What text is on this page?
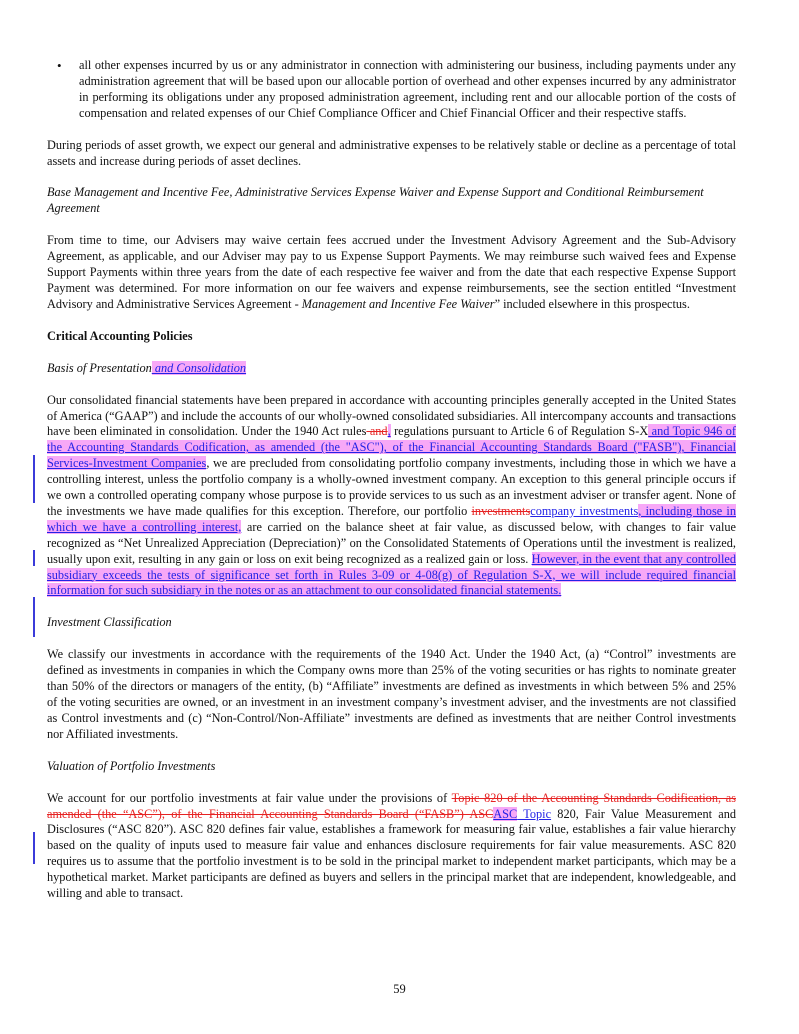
•	all other expenses incurred by us or any administrator in connection with administering our business, including payments under any administration agreement that will be based upon our allocable portion of overhead and other expenses incurred by any administrator in performing its obligations under any proposed administration agreement, including rent and our allocable portion of the costs of compensation and related expenses of our Chief Compliance Officer and Chief Financial Officer and their respective staffs.

During periods of asset growth, we expect our general and administrative expenses to be relatively stable or decline as a percentage of total assets and increase during periods of asset declines.

Base Management and Incentive Fee, Administrative Services Expense Waiver and Expense Support and Conditional Reimbursement Agreement

From time to time, our Advisers may waive certain fees accrued under the Investment Advisory Agreement and the Sub-Advisory Agreement, as applicable, and our Adviser may pay to us Expense Support Payments. We may reimburse such waived fees and Expense Support Payments within three years from the date of each respective fee waiver and from the date that each respective Expense Support Payment was determined. For more information on our fee waivers and expense reimbursements, see the section entitled “Investment Advisory and Administrative Services Agreement - Management and Incentive Fee Waiver” included elsewhere in this prospectus.

Critical Accounting Policies

Basis of Presentation and Consolidation

Our consolidated financial statements have been prepared in accordance with accounting principles generally accepted in the United States of America (“GAAP”) and include the accounts of our wholly-owned consolidated subsidiaries. All intercompany accounts and transactions have been eliminated in consolidation. Under the 1940 Act rules and, regulations pursuant to Article 6 of Regulation S-X and Topic 946 of the Accounting Standards Codification, as amended (the "ASC"), of the Financial Accounting Standards Board ("FASB"), Financial Services-Investment Companies, we are precluded from consolidating portfolio company investments, including those in which we have a controlling interest, unless the portfolio company is a wholly-owned investment company. An exception to this general principle occurs if we own a controlled operating company whose purpose is to provide services to us such as an investment adviser or transfer agent. None of the investments we have made qualifies for this exception. Therefore, our portfolio investmentscompany investments, including those in which we have a controlling interest, are carried on the balance sheet at fair value, as discussed below, with changes to fair value recognized as “Net Unrealized Appreciation (Depreciation)” on the Consolidated Statements of Operations until the investment is realized, usually upon exit, resulting in any gain or loss on exit being recognized as a realized gain or loss. However, in the event that any controlled subsidiary exceeds the tests of significance set forth in Rules 3-09 or 4-08(g) of Regulation S-X, we will include required financial information for such subsidiary in the notes or as an attachment to our consolidated financial statements.

Investment Classification

We classify our investments in accordance with the requirements of the 1940 Act. Under the 1940 Act, (a) “Control” investments are defined as investments in companies in which the Company owns more than 25% of the voting securities or has rights to nominate greater than 50% of the directors or managers of the entity, (b) “Affiliate” investments are defined as investments in which between 5% and 25% of the voting securities are owned, or an investment in an investment company’s investment adviser, and the investments are not classified as Control investments and (c) “Non-Control/Non-Affiliate” investments are defined as investments that are neither Control investments nor Affiliated investments.

Valuation of Portfolio Investments

We account for our portfolio investments at fair value under the provisions of Topic 820 of the Accounting Standards Codification, as amended (the “ASC”), of the Financial Accounting Standards Board (“FASB”) ASCASC Topic 820, Fair Value Measurement and Disclosures (“ASC 820”). ASC 820 defines fair value, establishes a framework for measuring fair value, establishes a fair value hierarchy based on the quality of inputs used to measure fair value and enhances disclosure requirements for fair value measurements. ASC 820 requires us to assume that the portfolio investment is to be sold in the principal market to independent market participants, which may be a hypothetical market. Market participants are defined as buyers and sellers in the principal market that are independent, knowledgeable, and willing and able to transact.

59
